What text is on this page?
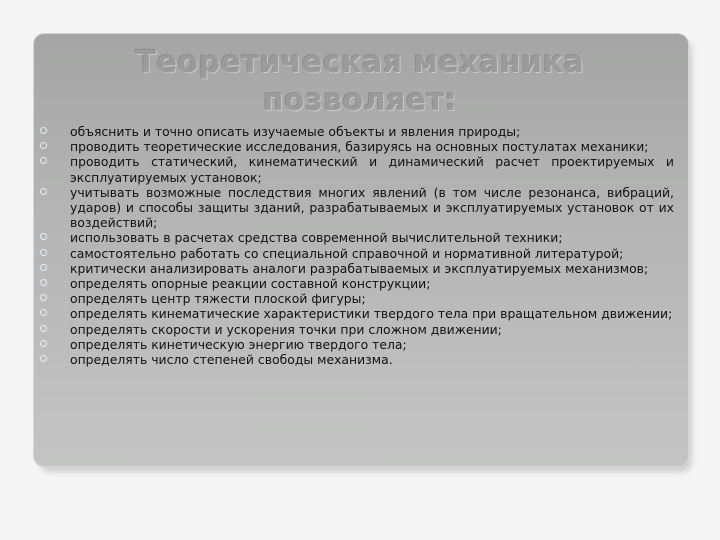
Теоретическая механика
позволяет:
объяснить и точно описать изучаемые объекты и явления природы;
проводить теоретические исследования, базируясь на основных постулатах механики;
проводить статический, кинематический и динамический расчет проектируемых и эксплуатируемых установок;
учитывать возможные последствия многих явлений (в том числе резонанса, вибраций, ударов) и способы защиты зданий, разрабатываемых и эксплуатируемых установок от их воздействий;
использовать в расчетах средства современной вычислительной техники;
самостоятельно работать со специальной справочной и нормативной литературой;
критически анализировать аналоги разрабатываемых и эксплуатируемых механизмов;
определять опорные реакции составной конструкции;
определять центр тяжести плоской фигуры;
определять кинематические характеристики твердого тела при вращательном движении;
определять скорости и ускорения точки при сложном движении;
определять кинетическую энергию твердого тела;
определять число степеней свободы механизма.
